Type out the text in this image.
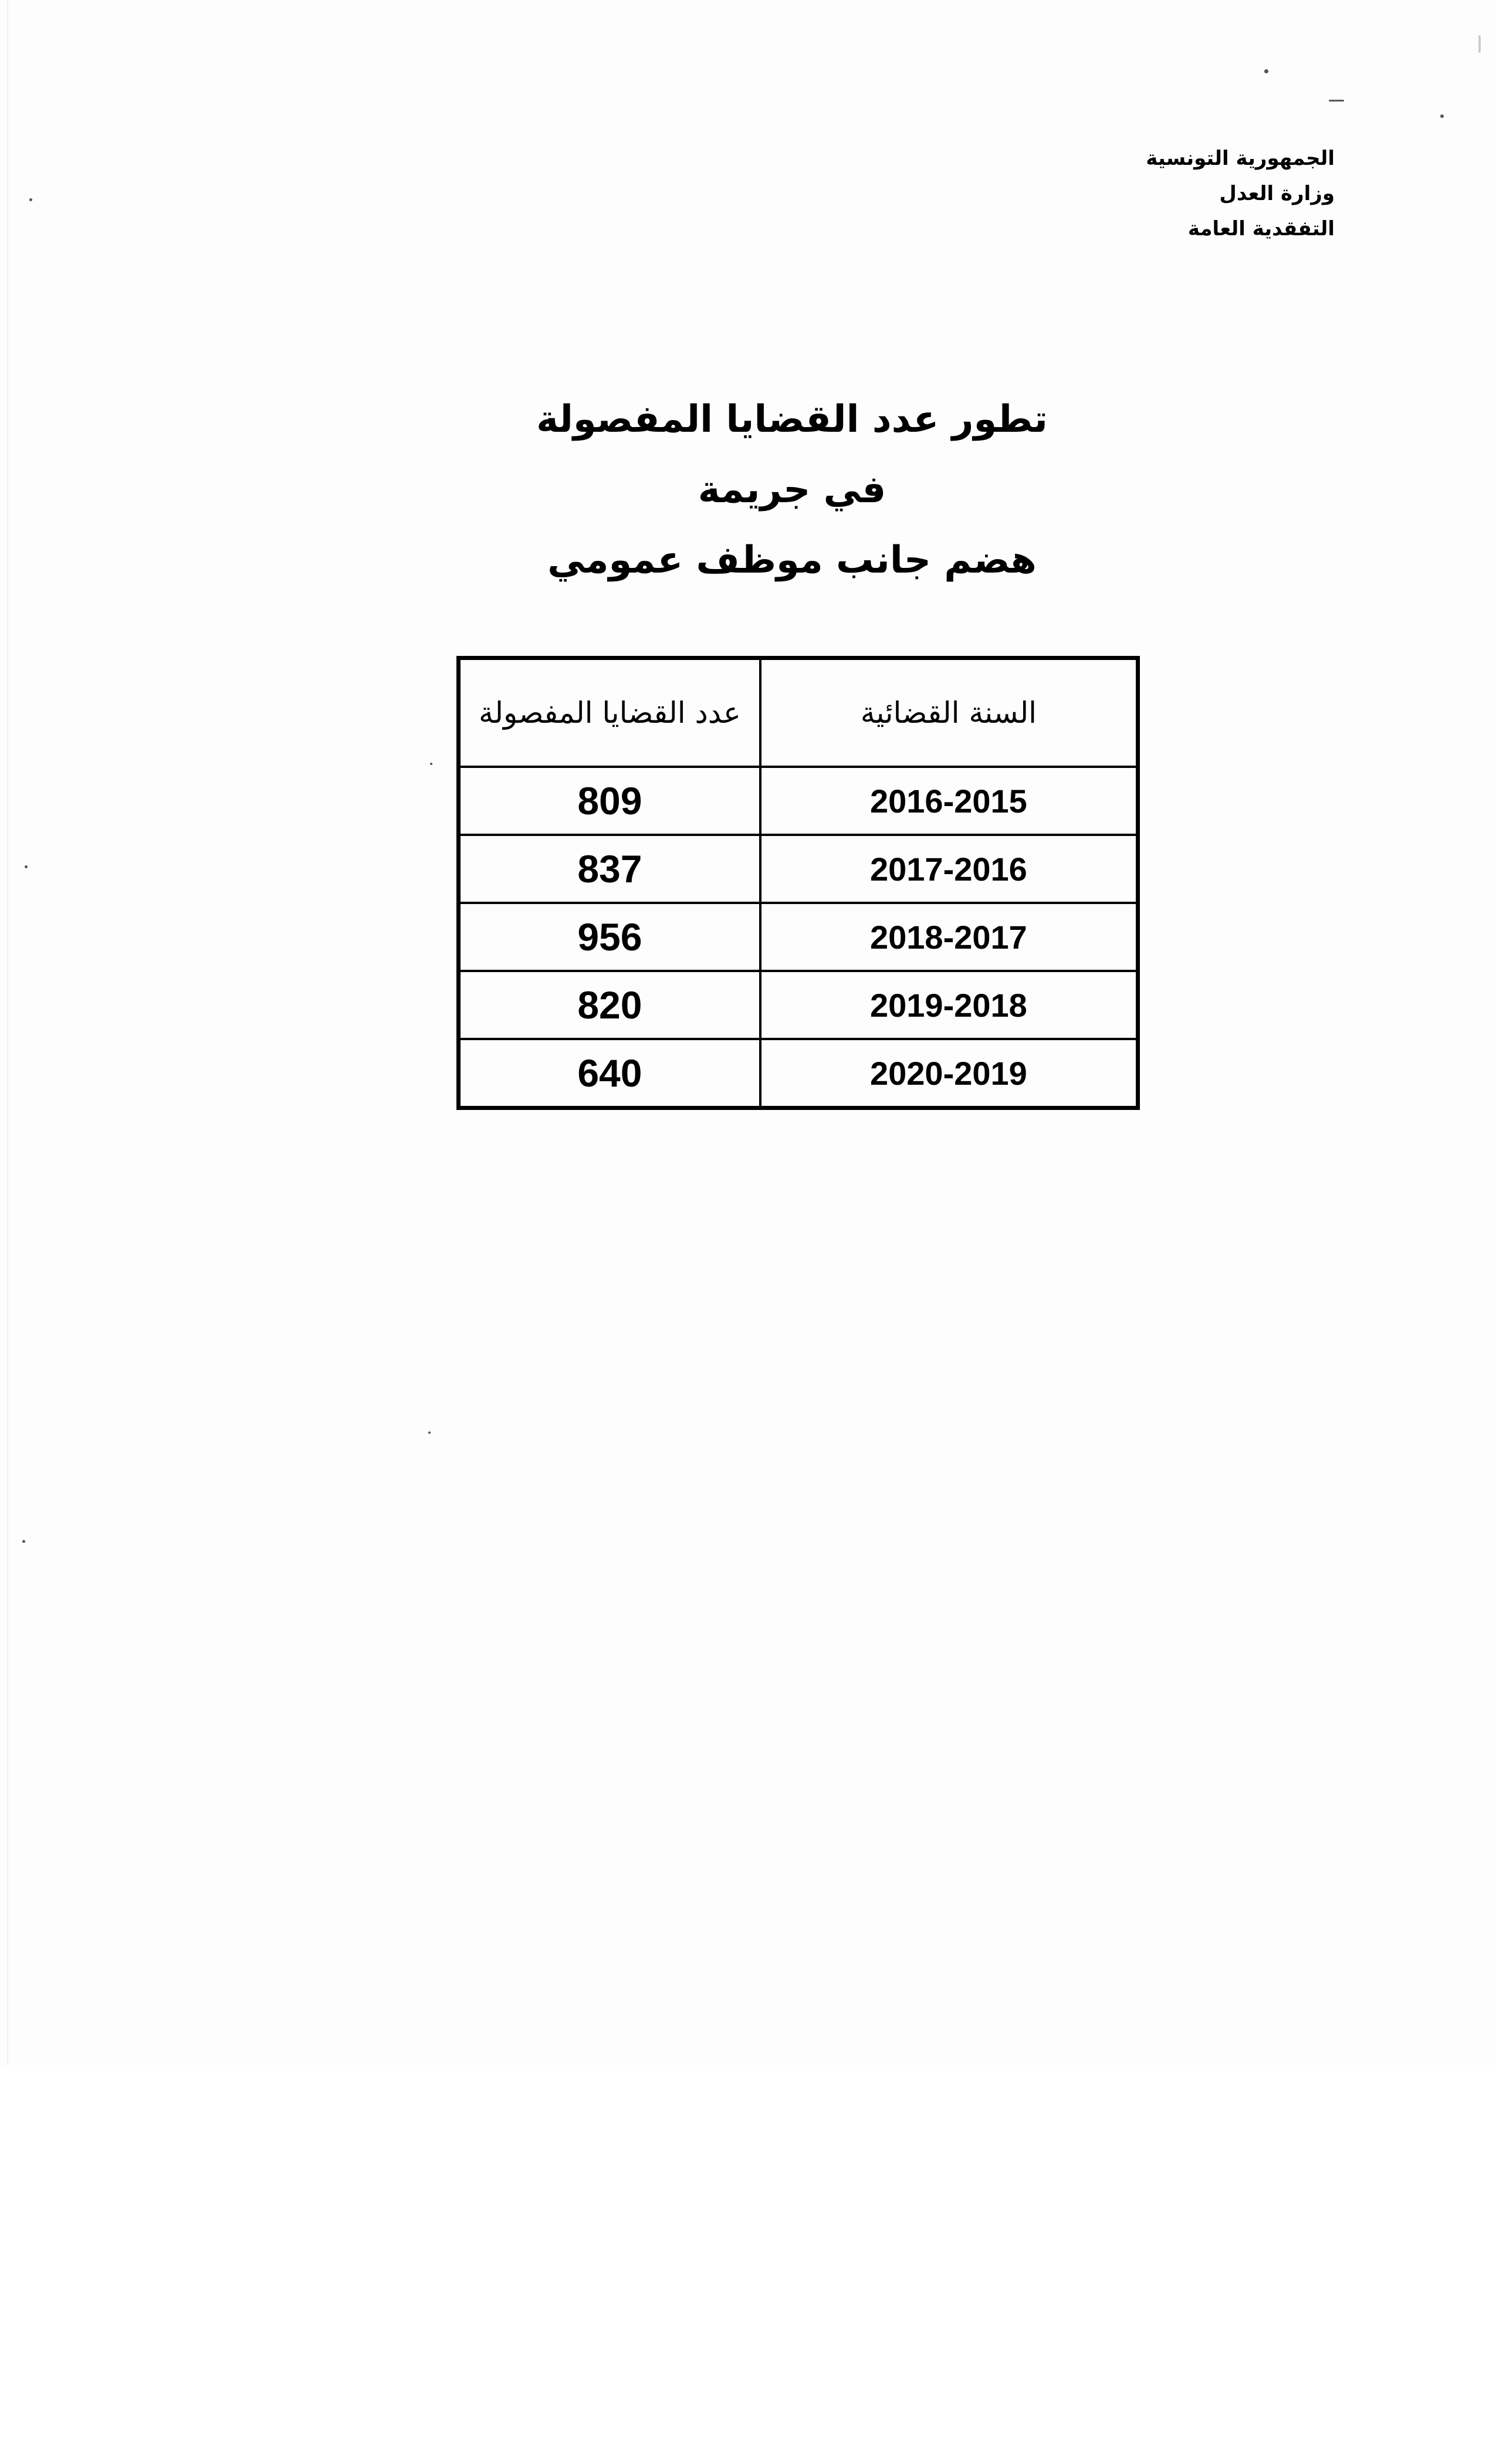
الجمهورية التونسية
وزارة العدل
التفقدية العامة
تطور عدد القضايا المفصولة
في جريمة
هضم جانب موظف عمومي
السنة القضائية	عدد القضايا المفصولة
2016-2015	809
2017-2016	837
2018-2017	956
2019-2018	820
2020-2019	640
